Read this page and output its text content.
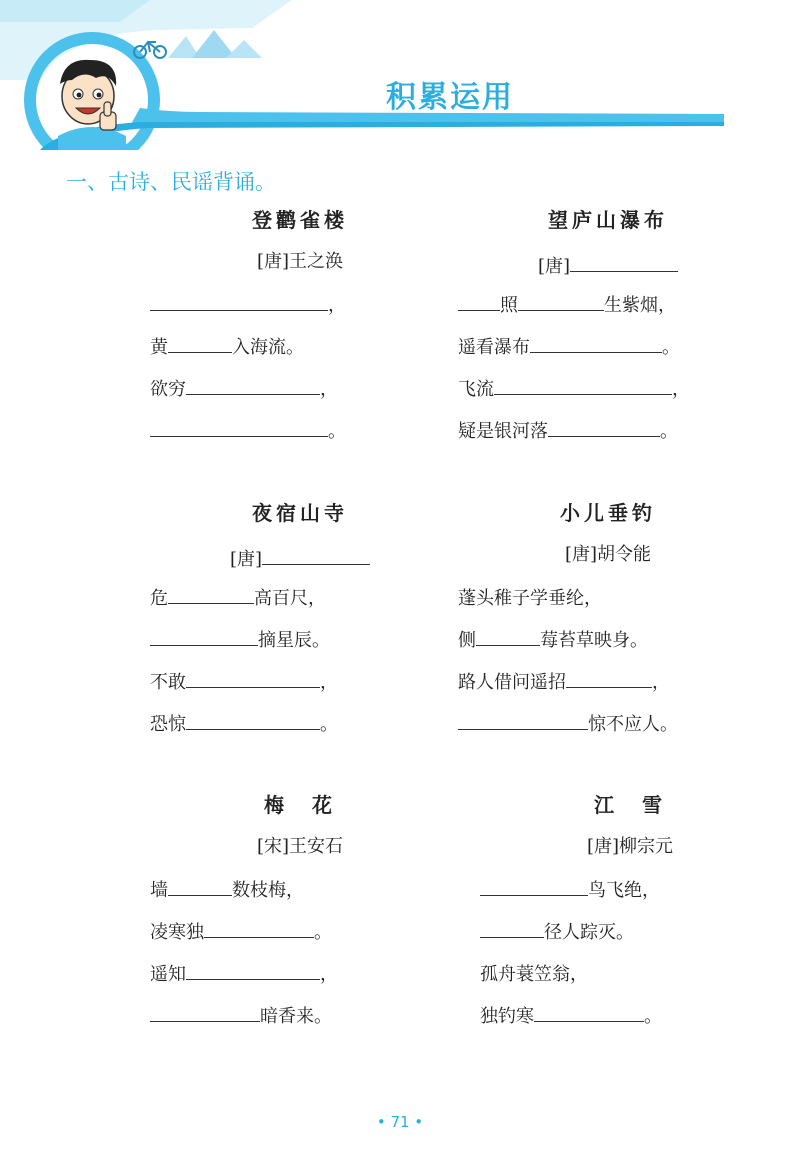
积累运用
一、古诗、民谣背诵。
登鹳雀楼
[唐]王之涣
，
黄	入海流。
欲穷	，
。
望庐山瀑布
[唐]
照	生紫烟，
遥看瀑布	。
飞流	，
疑是银河落	。
夜宿山寺
[唐]
危	高百尺，
摘星辰。
不敢	，
恐惊	。
小儿垂钓
[唐]胡令能
蓬头稚子学垂纶，
侧	莓苔草映身。
路人借问遥招	，
惊不应人。
梅　花
[宋]王安石
墙	数枝梅，
凌寒独	。
遥知	，
暗香来。
江　雪
[唐]柳宗元
鸟飞绝，
径人踪灭。
孤舟蓑笠翁，
独钓寒	。
• 71 •
